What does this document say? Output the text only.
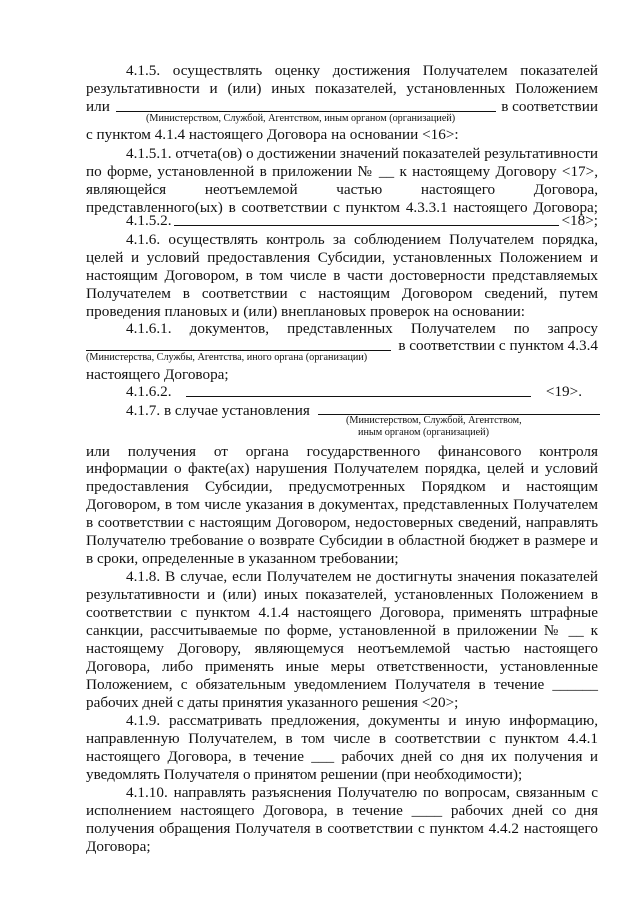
4.1.5. осуществлять оценку достижения Получателем показателей
результативности и (или) иных показателей, установленных Положением
или	в соответствии
(Министерством, Службой, Агентством, иным органом (организацией)
с пунктом 4.1.4 настоящего Договора на основании <16>:
4.1.5.1. отчета(ов) о достижении значений показателей результативности
по форме, установленной в приложении № __ к настоящему Договору <17>,
являющейся неотъемлемой частью настоящего Договора,
представленного(ых) в соответствии с пунктом 4.3.3.1 настоящего Договора;
4.1.5.2.	<18>;
4.1.6. осуществлять контроль за соблюдением Получателем порядка,
целей и условий предоставления Субсидии, установленных Положением и
настоящим Договором, в том числе в части достоверности представляемых
Получателем в соответствии с настоящим Договором сведений, путем
проведения плановых и (или) внеплановых проверок на основании:
4.1.6.1. документов, представленных Получателем по запросу
в соответствии с пунктом 4.3.4
(Министерства, Службы, Агентства, иного органа (организации)
настоящего Договора;
4.1.6.2.	<19>.
4.1.7. в случае установления
(Министерством, Службой, Агентством,
иным органом (организацией)
или получения от органа государственного финансового контроля
информации о факте(ах) нарушения Получателем порядка, целей и условий
предоставления Субсидии, предусмотренных Порядком и настоящим
Договором, в том числе указания в документах, представленных Получателем
в соответствии с настоящим Договором, недостоверных сведений, направлять
Получателю требование о возврате Субсидии в областной бюджет в размере и
в сроки, определенные в указанном требовании;
4.1.8. В случае, если Получателем не достигнуты значения показателей
результативности и (или) иных показателей, установленных Положением в
соответствии с пунктом 4.1.4 настоящего Договора, применять штрафные
санкции, рассчитываемые по форме, установленной в приложении № __ к
настоящему Договору, являющемуся неотъемлемой частью настоящего
Договора, либо применять иные меры ответственности, установленные
Положением, с обязательным уведомлением Получателя в течение ______
рабочих дней с даты принятия указанного решения <20>;
4.1.9. рассматривать предложения, документы и иную информацию,
направленную Получателем, в том числе в соответствии с пунктом 4.4.1
настоящего Договора, в течение ___ рабочих дней со дня их получения и
уведомлять Получателя о принятом решении (при необходимости);
4.1.10. направлять разъяснения Получателю по вопросам, связанным с
исполнением настоящего Договора, в течение ____ рабочих дней со дня
получения обращения Получателя в соответствии с пунктом 4.4.2 настоящего
Договора;
